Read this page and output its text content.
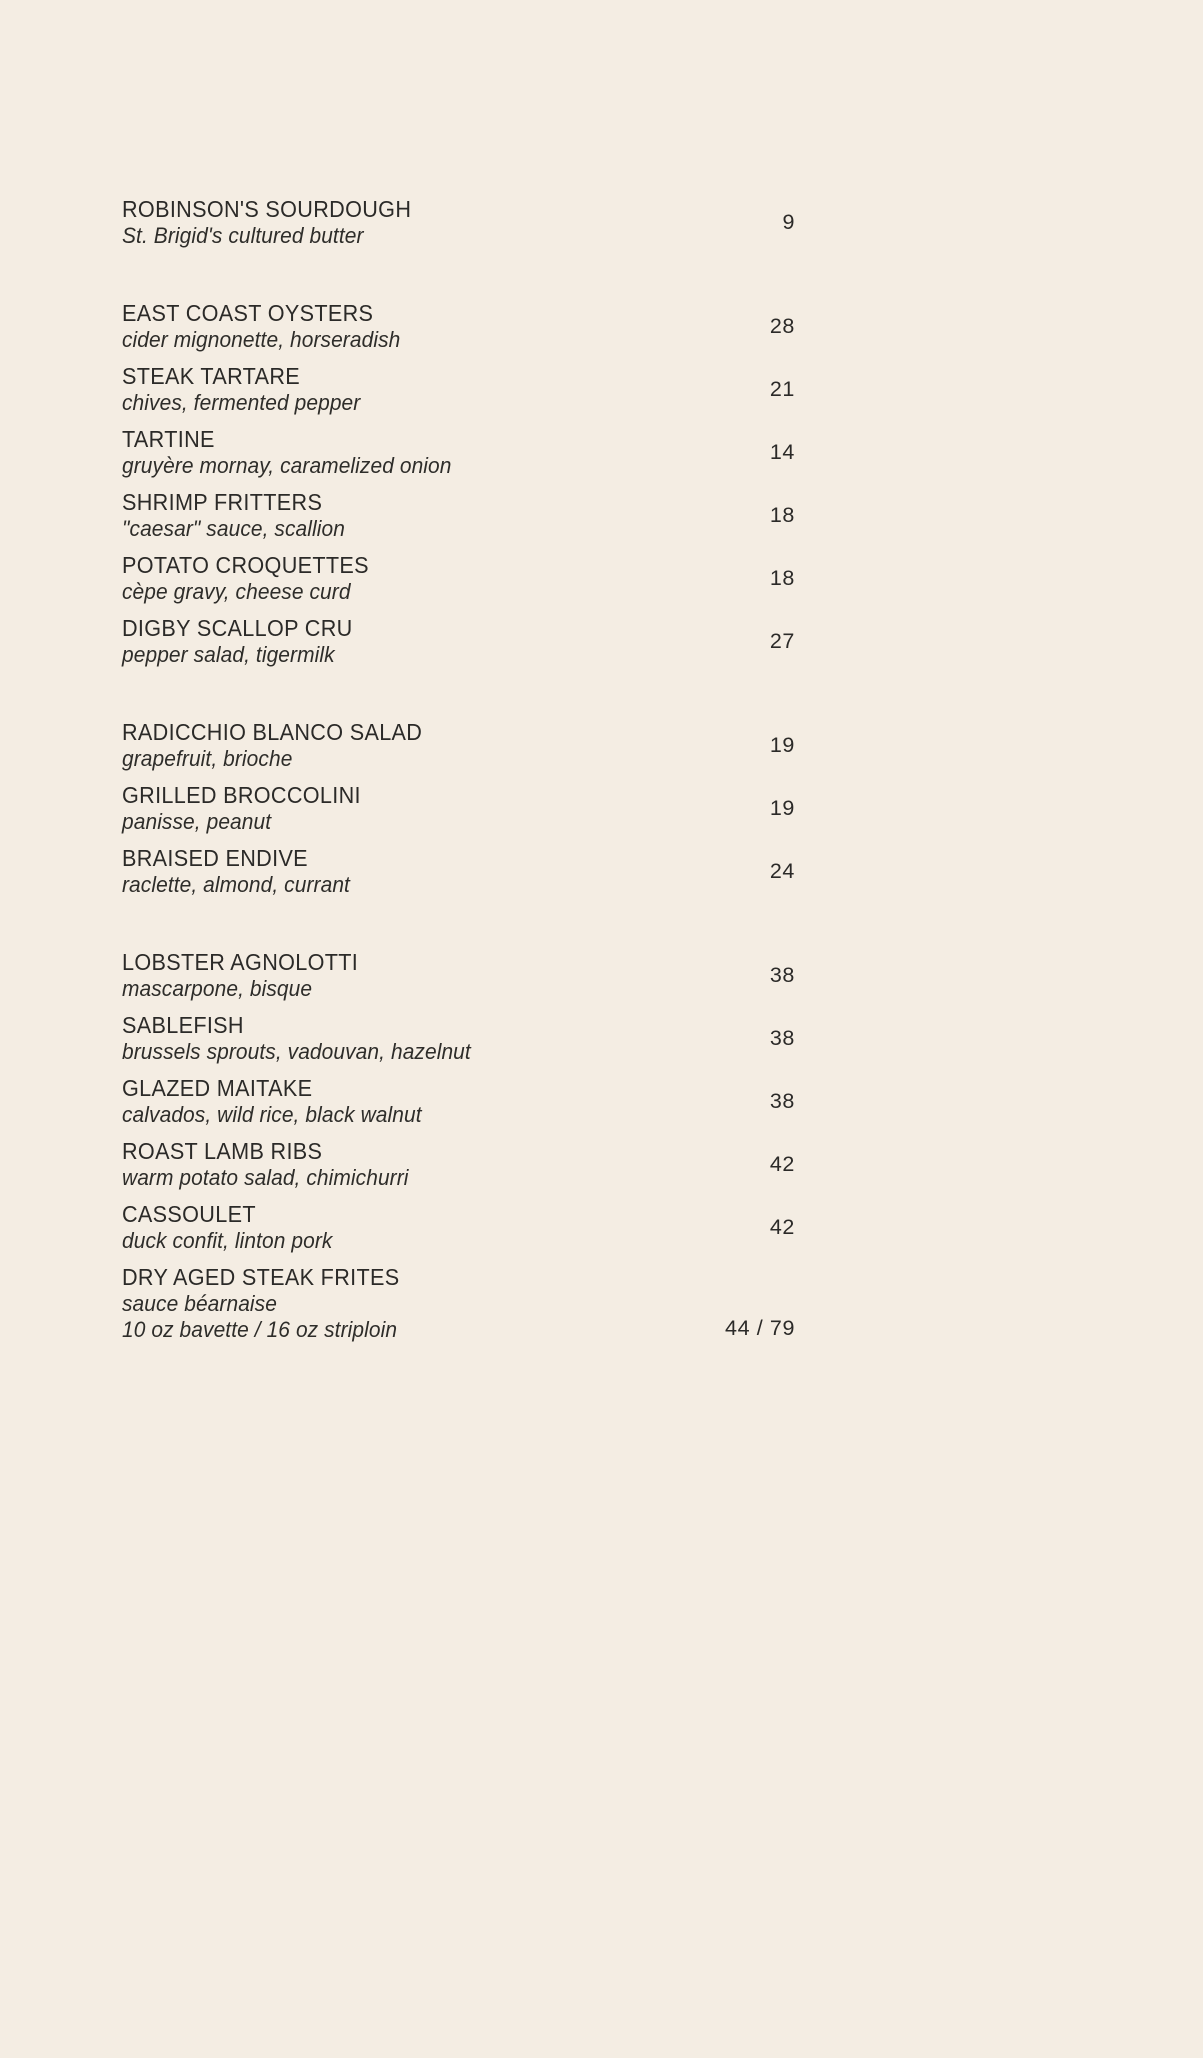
ROBINSON'S SOURDOUGH
St. Brigid's cultured butter
9
EAST COAST OYSTERS
cider mignonette, horseradish
28
STEAK TARTARE
chives, fermented pepper
21
TARTINE
gruyère mornay, caramelized onion
14
SHRIMP FRITTERS
"caesar" sauce, scallion
18
POTATO CROQUETTES
cèpe gravy, cheese curd
18
DIGBY SCALLOP CRU
pepper salad, tigermilk
27
RADICCHIO BLANCO SALAD
grapefruit, brioche
19
GRILLED BROCCOLINI
panisse, peanut
19
BRAISED ENDIVE
raclette, almond, currant
24
LOBSTER AGNOLOTTI
mascarpone, bisque
38
SABLEFISH
brussels sprouts, vadouvan, hazelnut
38
GLAZED MAITAKE
calvados, wild rice, black walnut
38
ROAST LAMB RIBS
warm potato salad, chimichurri
42
CASSOULET
duck confit, linton pork
42
DRY AGED STEAK FRITES
sauce béarnaise
10 oz bavette / 16 oz striploin	44 / 79
